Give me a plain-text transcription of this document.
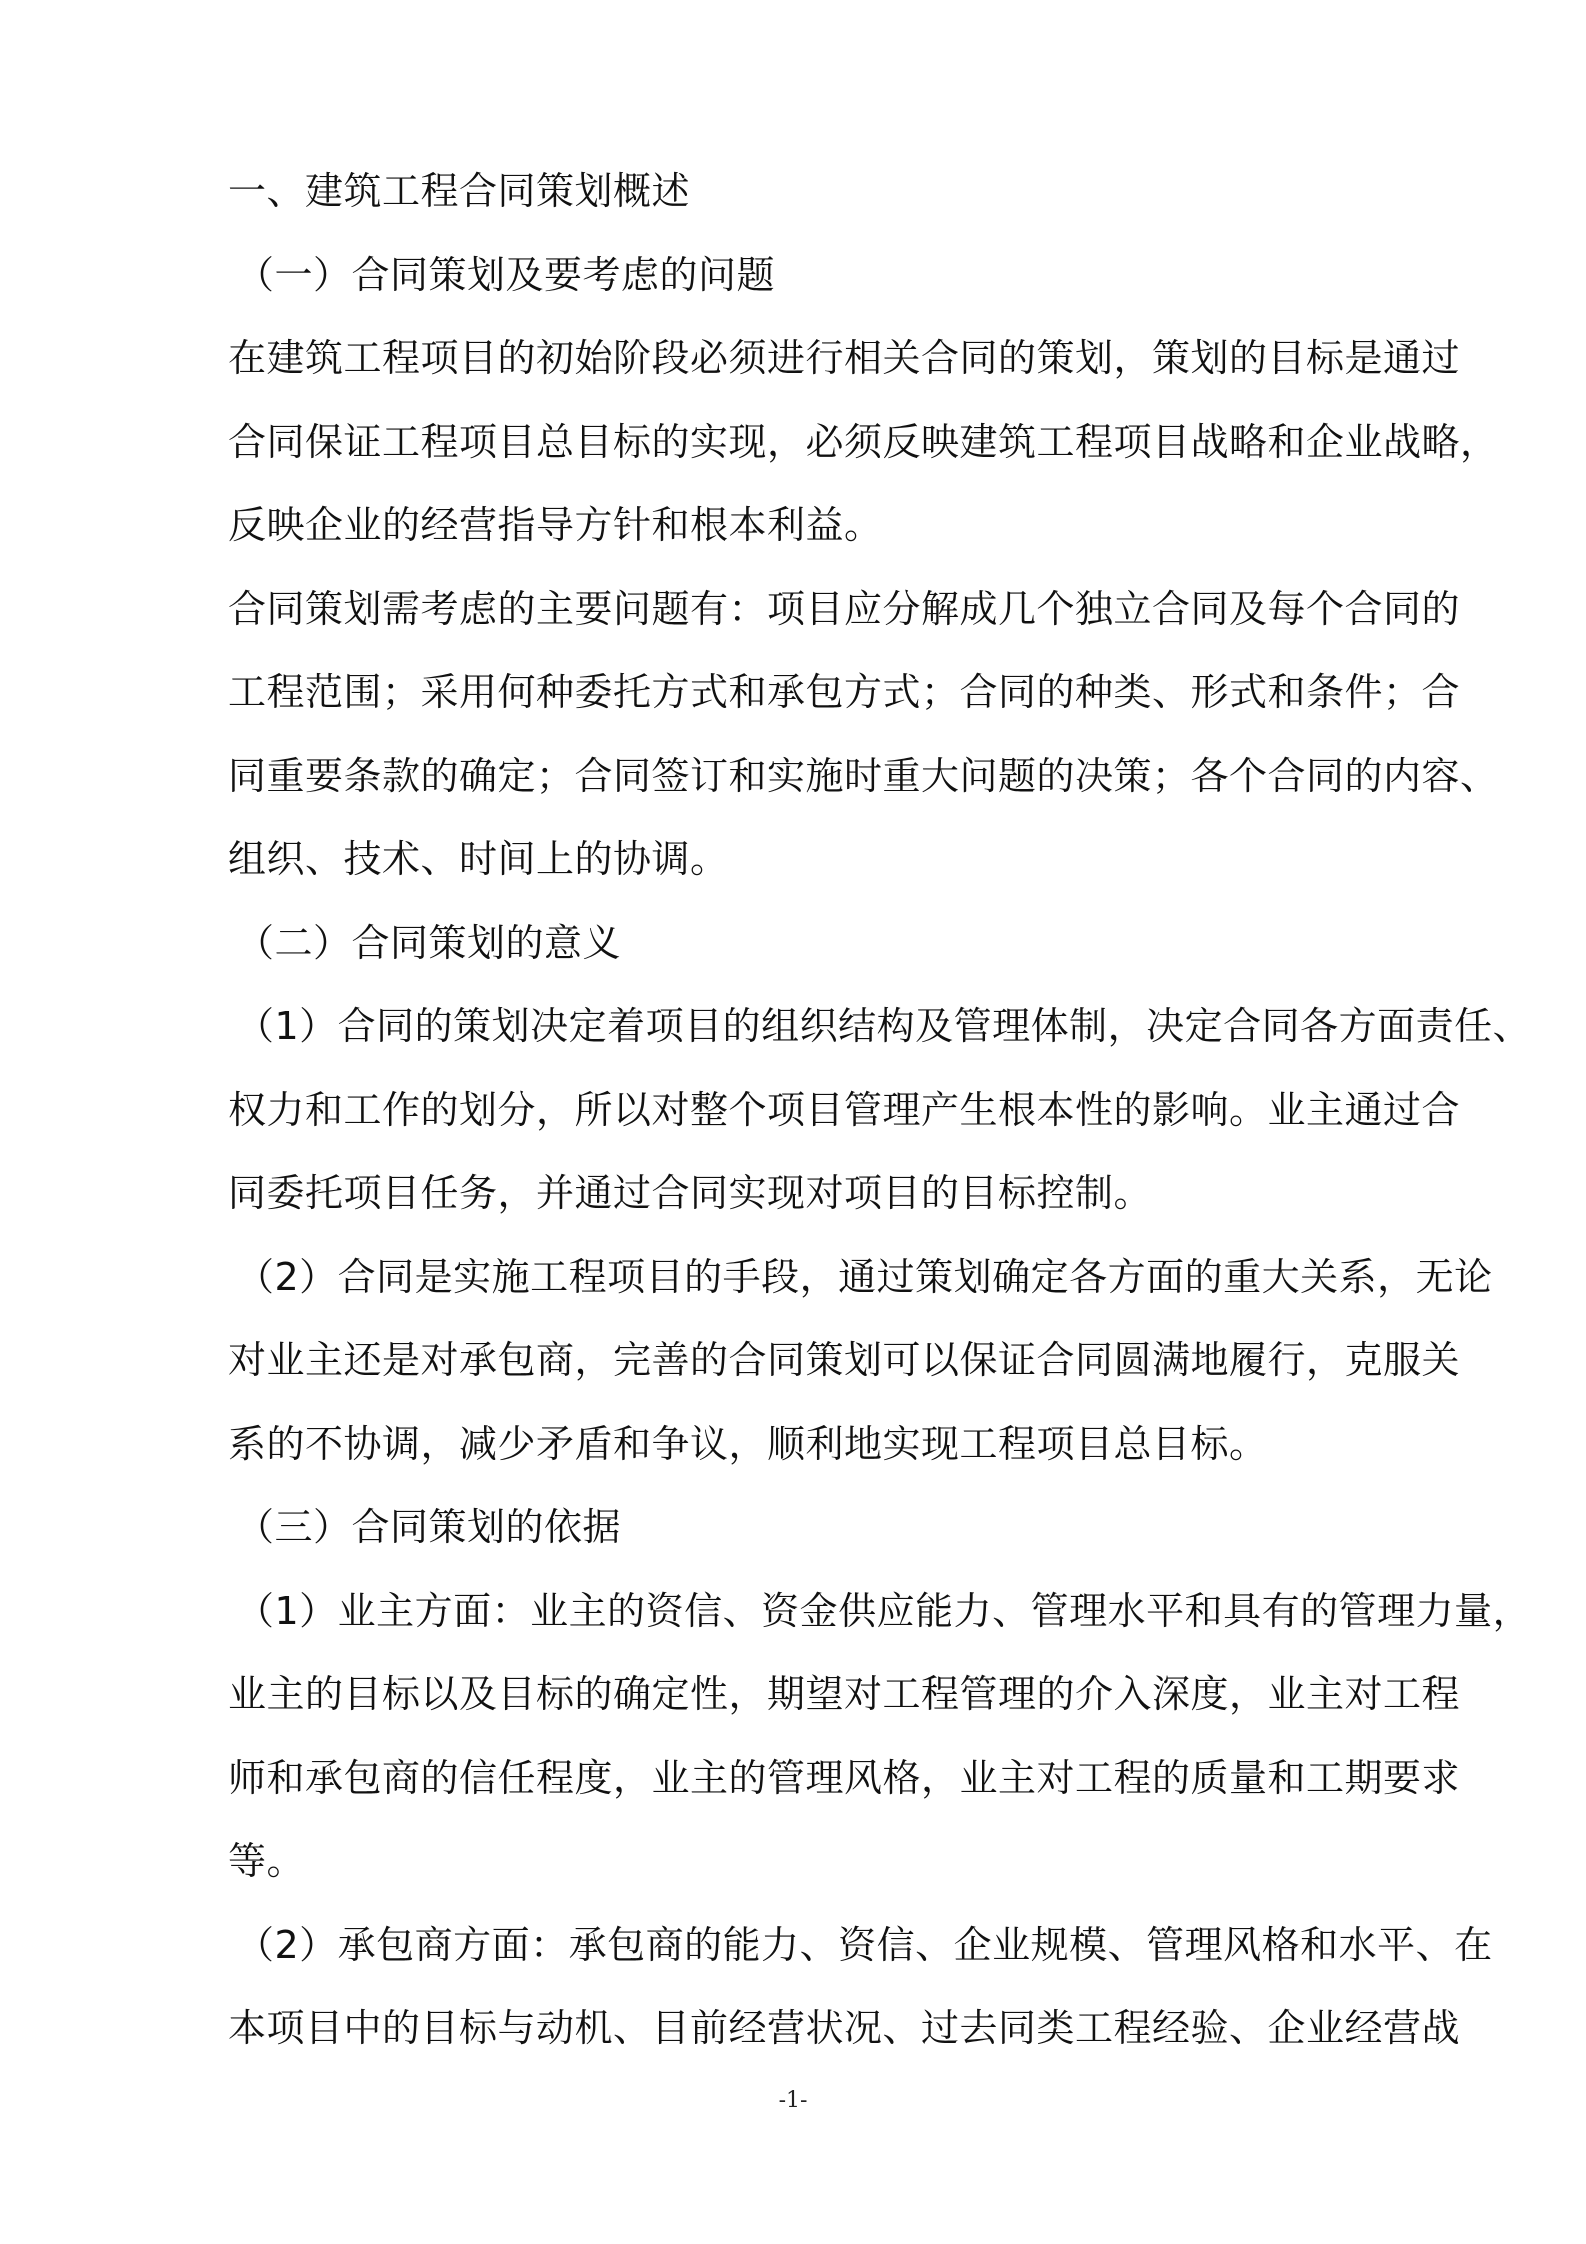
一、建筑工程合同策划概述
（一）合同策划及要考虑的问题
在建筑工程项目的初始阶段必须进行相关合同的策划，策划的目标是通过
合同保证工程项目总目标的实现，必须反映建筑工程项目战略和企业战略，
反映企业的经营指导方针和根本利益。
合同策划需考虑的主要问题有：项目应分解成几个独立合同及每个合同的
工程范围；采用何种委托方式和承包方式；合同的种类、形式和条件；合
同重要条款的确定；合同签订和实施时重大问题的决策；各个合同的内容、
组织、技术、时间上的协调。
（二）合同策划的意义
（1）合同的策划决定着项目的组织结构及管理体制，决定合同各方面责任、
权力和工作的划分，所以对整个项目管理产生根本性的影响。业主通过合
同委托项目任务，并通过合同实现对项目的目标控制。
（2）合同是实施工程项目的手段，通过策划确定各方面的重大关系，无论
对业主还是对承包商，完善的合同策划可以保证合同圆满地履行，克服关
系的不协调，减少矛盾和争议，顺利地实现工程项目总目标。
（三）合同策划的依据
（1）业主方面：业主的资信、资金供应能力、管理水平和具有的管理力量，
业主的目标以及目标的确定性，期望对工程管理的介入深度，业主对工程
师和承包商的信任程度，业主的管理风格，业主对工程的质量和工期要求
等。
（2）承包商方面：承包商的能力、资信、企业规模、管理风格和水平、在
本项目中的目标与动机、目前经营状况、过去同类工程经验、企业经营战
-1-
